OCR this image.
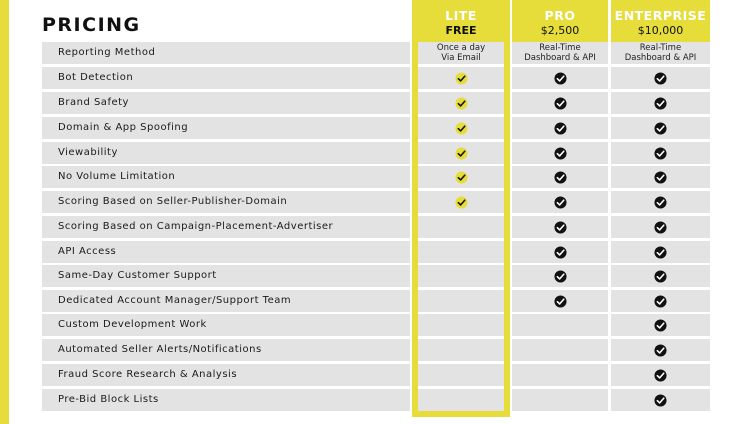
PRICING	LITE
FREE
PRO
$2,500
ENTERPRISE
$10,000
Reporting Method	Once a day
Via Email
Real-Time
Dashboard & API
Real-Time
Dashboard & API
Bot Detection
Brand Safety
Domain & App Spoofing
Viewability
No Volume Limitation
Scoring Based on Seller-Publisher-Domain
Scoring Based on Campaign-Placement-Advertiser
API Access
Same-Day Customer Support
Dedicated Account Manager/Support Team
Custom Development Work
Automated Seller Alerts/Notifications
Fraud Score Research & Analysis
Pre-Bid Block Lists
